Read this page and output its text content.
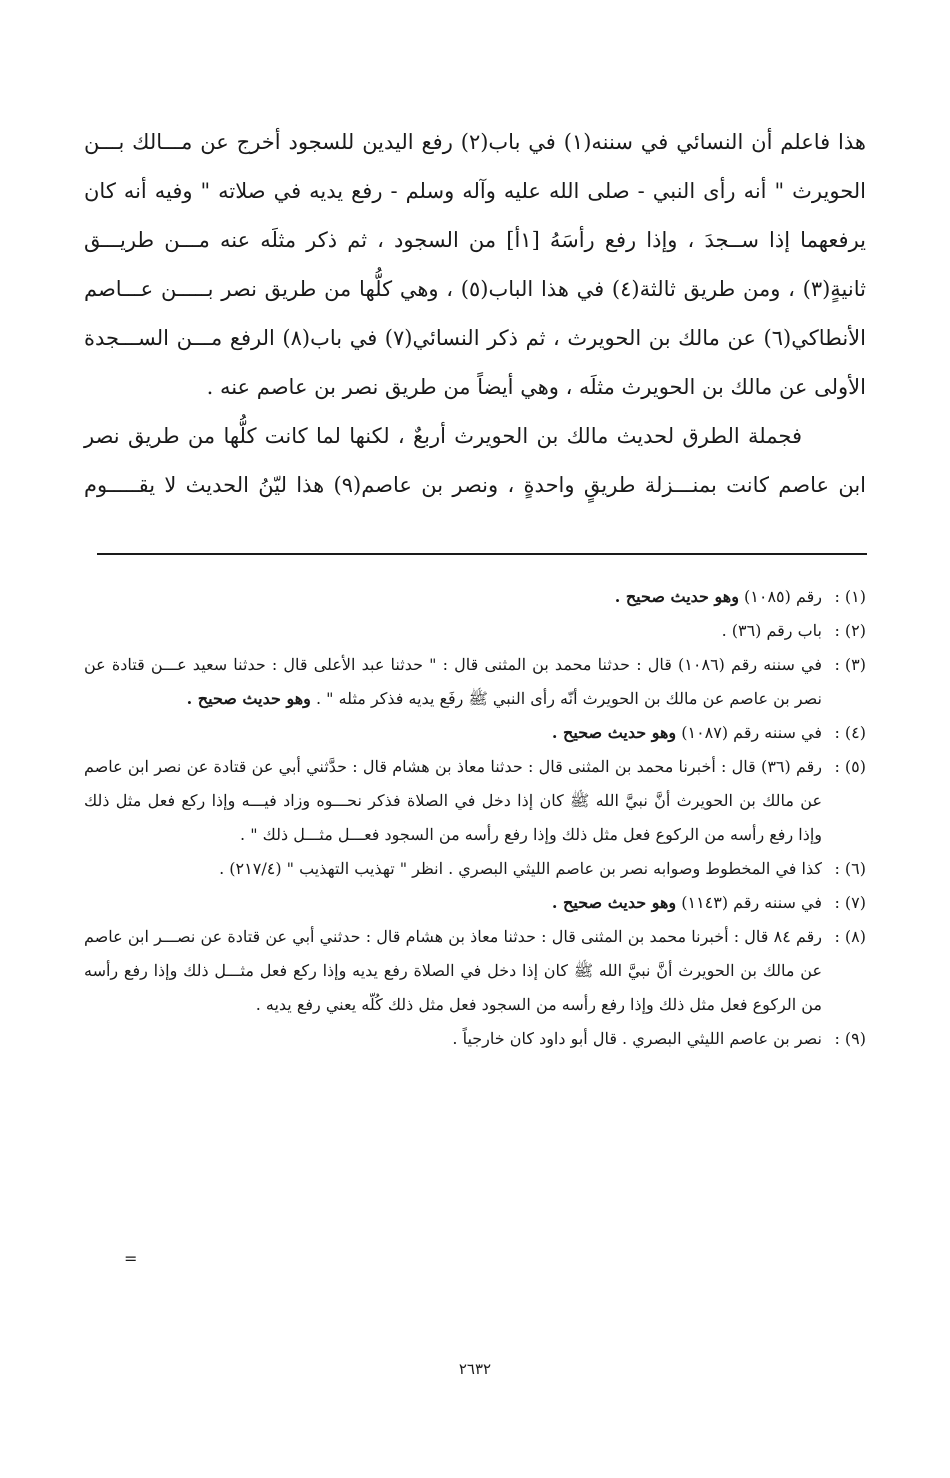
هذا فاعلم أن النسائي في سننه(١) في باب(٢) رفع اليدين للسجود أخرج عن مـــالك بـــن

الحويرث " أنه رأى النبي - صلى الله عليه وآله وسلم - رفع يديه في صلاته " وفيه أنه كان

يرفعهما إذا ســجدَ ، وإذا رفع رأسَهُ [١أ] من السجود ، ثم ذكر مثلَه عنه مـــن طريـــق

ثانيةٍ(٣) ، ومن طريق ثالثة(٤) في هذا الباب(٥) ، وهي كلُّها من طريق نصر بـــــن عـــاصم

الأنطاكي(٦) عن مالك بن الحويرث ، ثم ذكر النسائي(٧) في باب(٨) الرفع مـــن الســـجدة

الأولى عن مالك بن الحويرث مثلَه ، وهي أيضاً من طريق نصر بن عاصم عنه .

فجملة الطرق لحديث مالك بن الحويرث أربعٌ ، لكنها لما كانت كلُّها من طريق نصر

ابن عاصم كانت بمنـــزلة طريقٍ واحدةٍ ، ونصر بن عاصم(٩) هذا ليّنُ الحديث لا يقـــــوم

(١) :
رقم (١٠٨٥) وهو حديث صحيح .
(٢) :
باب رقم (٣٦) .
(٣) :
في سننه رقم (١٠٨٦) قال : حدثنا محمد بن المثنى قال : " حدثنا عبد الأعلى قال : حدثنا سعيد عـــن قتادة عن نصر بن عاصم عن مالك بن الحويرث أنّه رأى النبي ﷺ رفَع يديه فذكر مثله " . وهو حديث صحيح .
(٤) :
في سننه رقم (١٠٨٧) وهو حديث صحيح .
(٥) :
رقم (٣٦) قال : أخبرنا محمد بن المثنى قال : حدثنا معاذ بن هشام قال : حدَّثني أبي عن قتادة عن نصر ابن عاصم عن مالك بن الحويرث أنَّ نبيَّ الله ﷺ كان إذا دخل في الصلاة فذكر نحـــوه وزاد فيـــه وإذا ركع فعل مثل ذلك وإذا رفع رأسه من الركوع فعل مثل ذلك وإذا رفع رأسه من السجود فعـــل مثـــل ذلك " .
(٦) :
كذا في المخطوط وصوابه نصر بن عاصم الليثي البصري . انظر " تهذيب التهذيب " (٢١٧/٤) .
(٧) :
في سننه رقم (١١٤٣) وهو حديث صحيح .
(٨) :
رقم ٨٤ قال : أخبرنا محمد بن المثنى قال : حدثنا معاذ بن هشام قال : حدثني أبي عن قتادة عن نصـــر ابن عاصم عن مالك بن الحويرث أنَّ نبيَّ الله ﷺ كان إذا دخل في الصلاة رفع يديه وإذا ركع فعل مثـــل ذلك وإذا رفع رأسه من الركوع فعل مثل ذلك وإذا رفع رأسه من السجود فعل مثل ذلك كُلّه يعني رفع يديه .
(٩) :
نصر بن عاصم الليثي البصري . قال أبو داود كان خارجياً .
=
٢٦٣٢
